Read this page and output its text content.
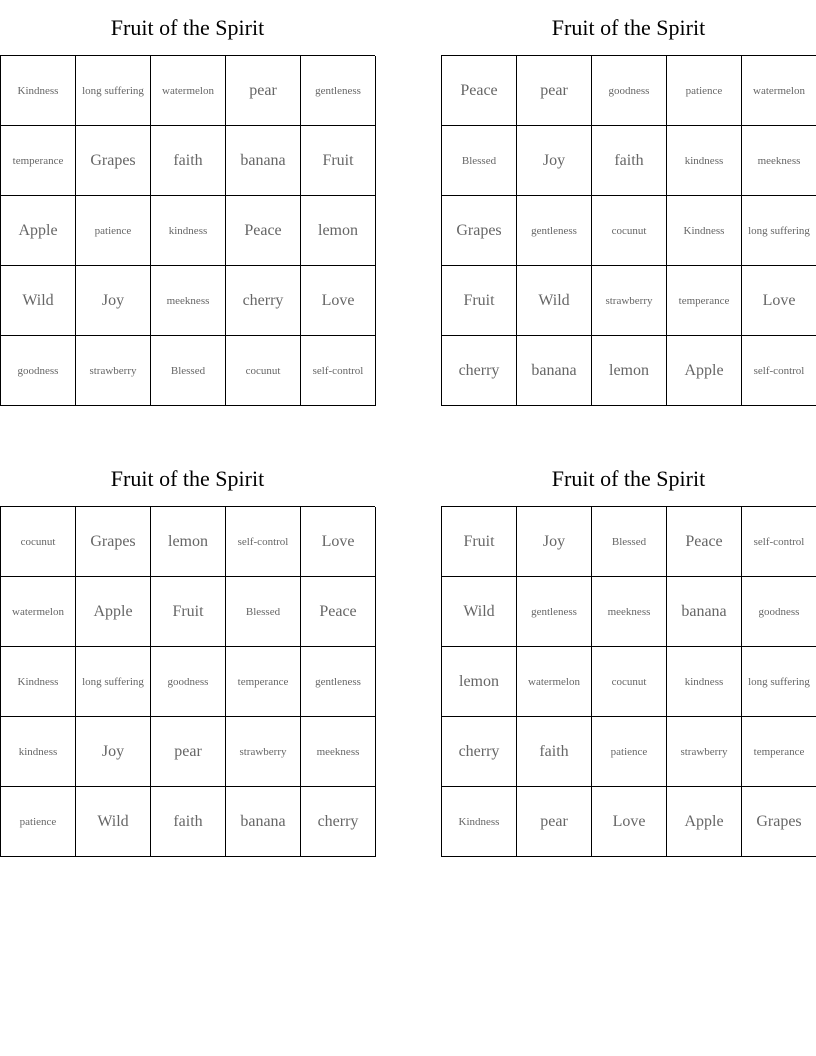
Fruit of the Spirit
Kindness	long suffering	watermelon	pear	gentleness
temperance	Grapes	faith	banana	Fruit
Apple	patience	kindness	Peace	lemon
Wild	Joy	meekness	cherry	Love
goodness	strawberry	Blessed	cocunut	self-control
Fruit of the Spirit
Peace	pear	goodness	patience	watermelon
Blessed	Joy	faith	kindness	meekness
Grapes	gentleness	cocunut	Kindness	long suffering
Fruit	Wild	strawberry	temperance	Love
cherry	banana	lemon	Apple	self-control
Fruit of the Spirit
cocunut	Grapes	lemon	self-control	Love
watermelon	Apple	Fruit	Blessed	Peace
Kindness	long suffering	goodness	temperance	gentleness
kindness	Joy	pear	strawberry	meekness
patience	Wild	faith	banana	cherry
Fruit of the Spirit
Fruit	Joy	Blessed	Peace	self-control
Wild	gentleness	meekness	banana	goodness
lemon	watermelon	cocunut	kindness	long suffering
cherry	faith	patience	strawberry	temperance
Kindness	pear	Love	Apple	Grapes
